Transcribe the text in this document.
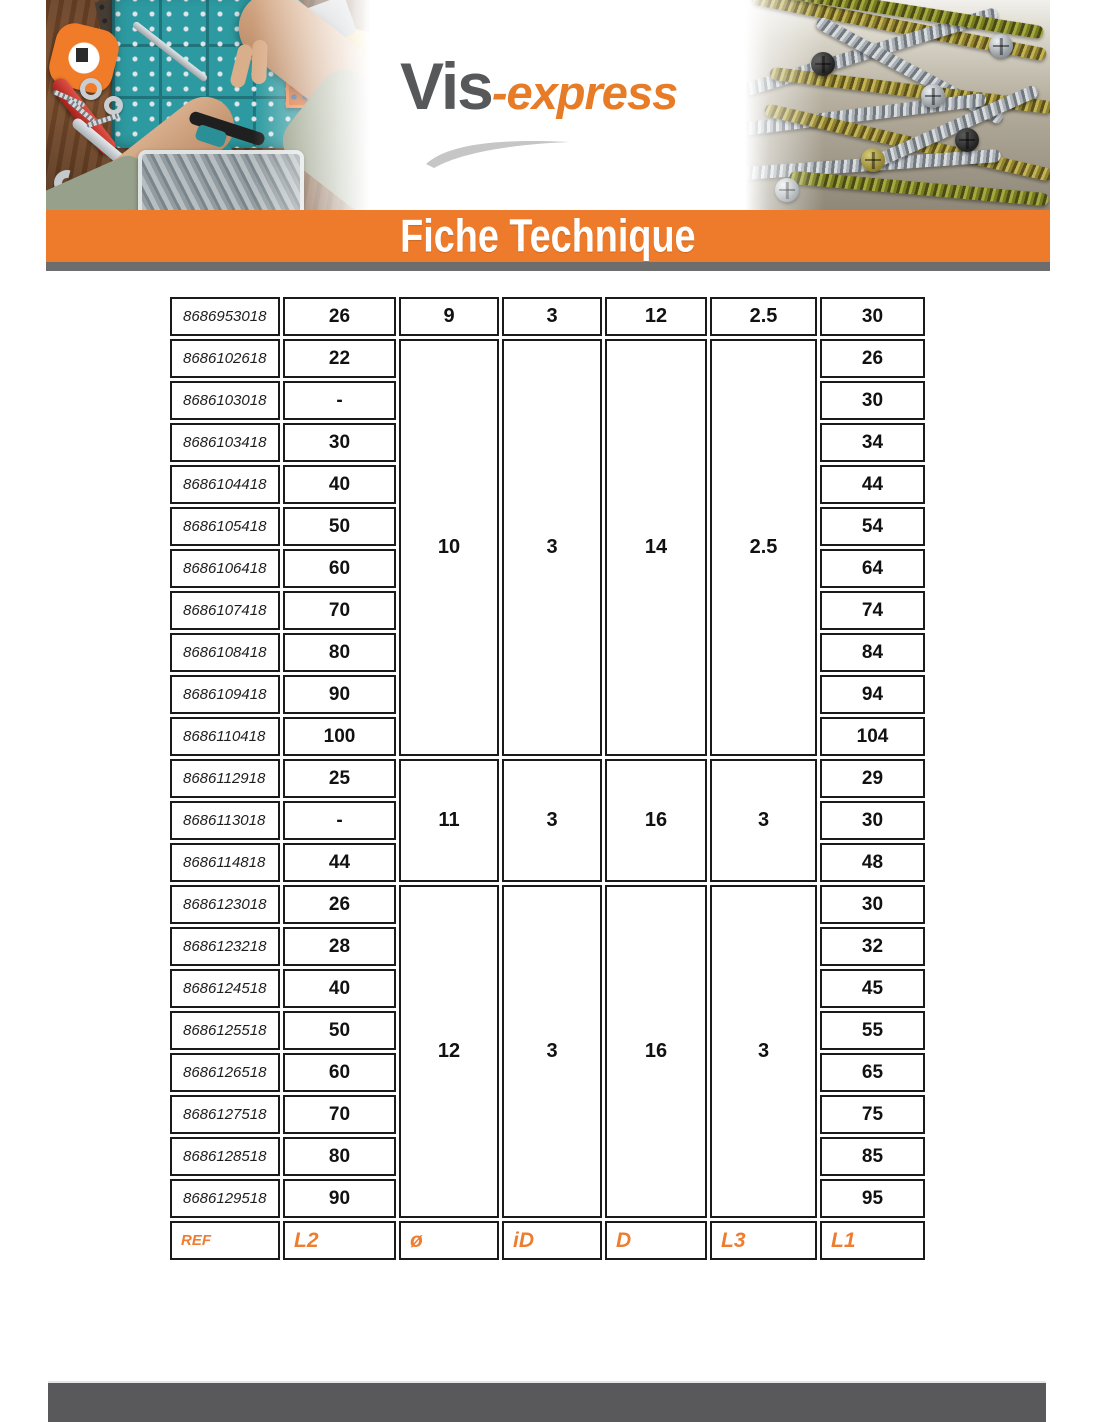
Vis -express
Fiche Technique
8686953018	26	9	3	12	2.5	30
8686102618	22	10	3	14	2.5	26
8686103018	-					30
8686103418	30					34
8686104418	40					44
8686105418	50					54
8686106418	60					64
8686107418	70					74
8686108418	80					84
8686109418	90					94
8686110418	100					104
8686112918	25	11	3	16	3	29
8686113018	-					30
8686114818	44					48
8686123018	26	12	3	16	3	30
8686123218	28					32
8686124518	40					45
8686125518	50					55
8686126518	60					65
8686127518	70					75
8686128518	80					85
8686129518	90					95
REF	L2	ø	iD	D	L3	L1
